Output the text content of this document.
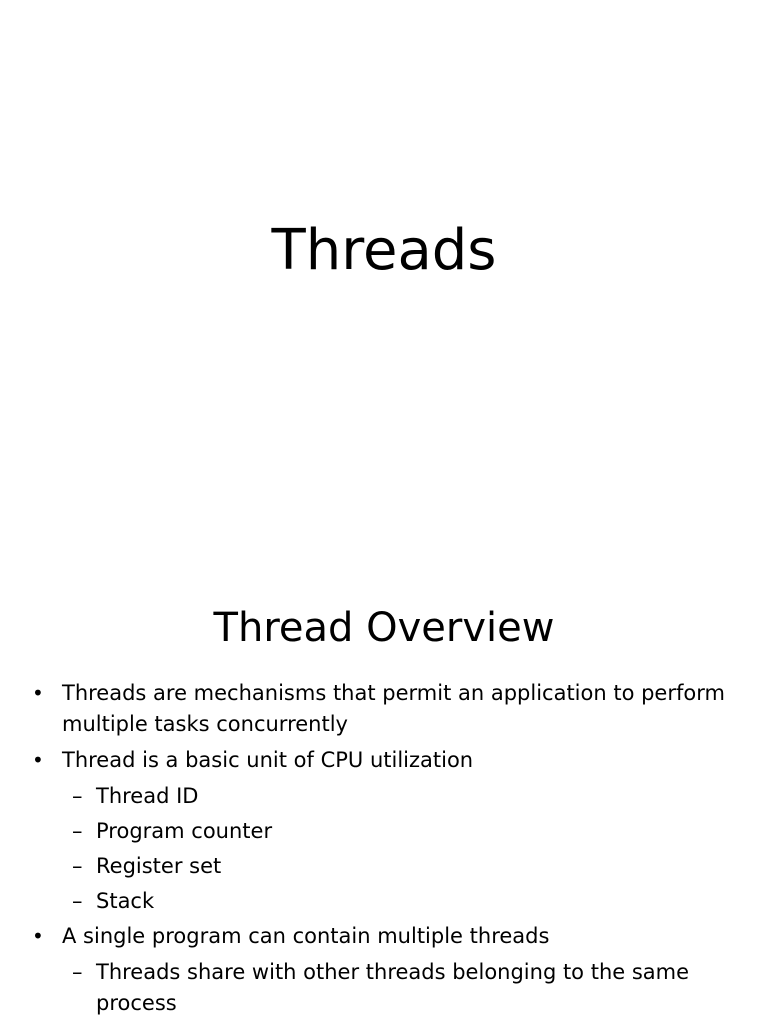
Threads
Thread Overview
• Threads are mechanisms that permit an application to perform multiple tasks concurrently
• Thread is a basic unit of CPU utilization
– Thread ID
– Program counter
– Register set
– Stack
• A single program can contain multiple threads
– Threads share with other threads belonging to the same process
